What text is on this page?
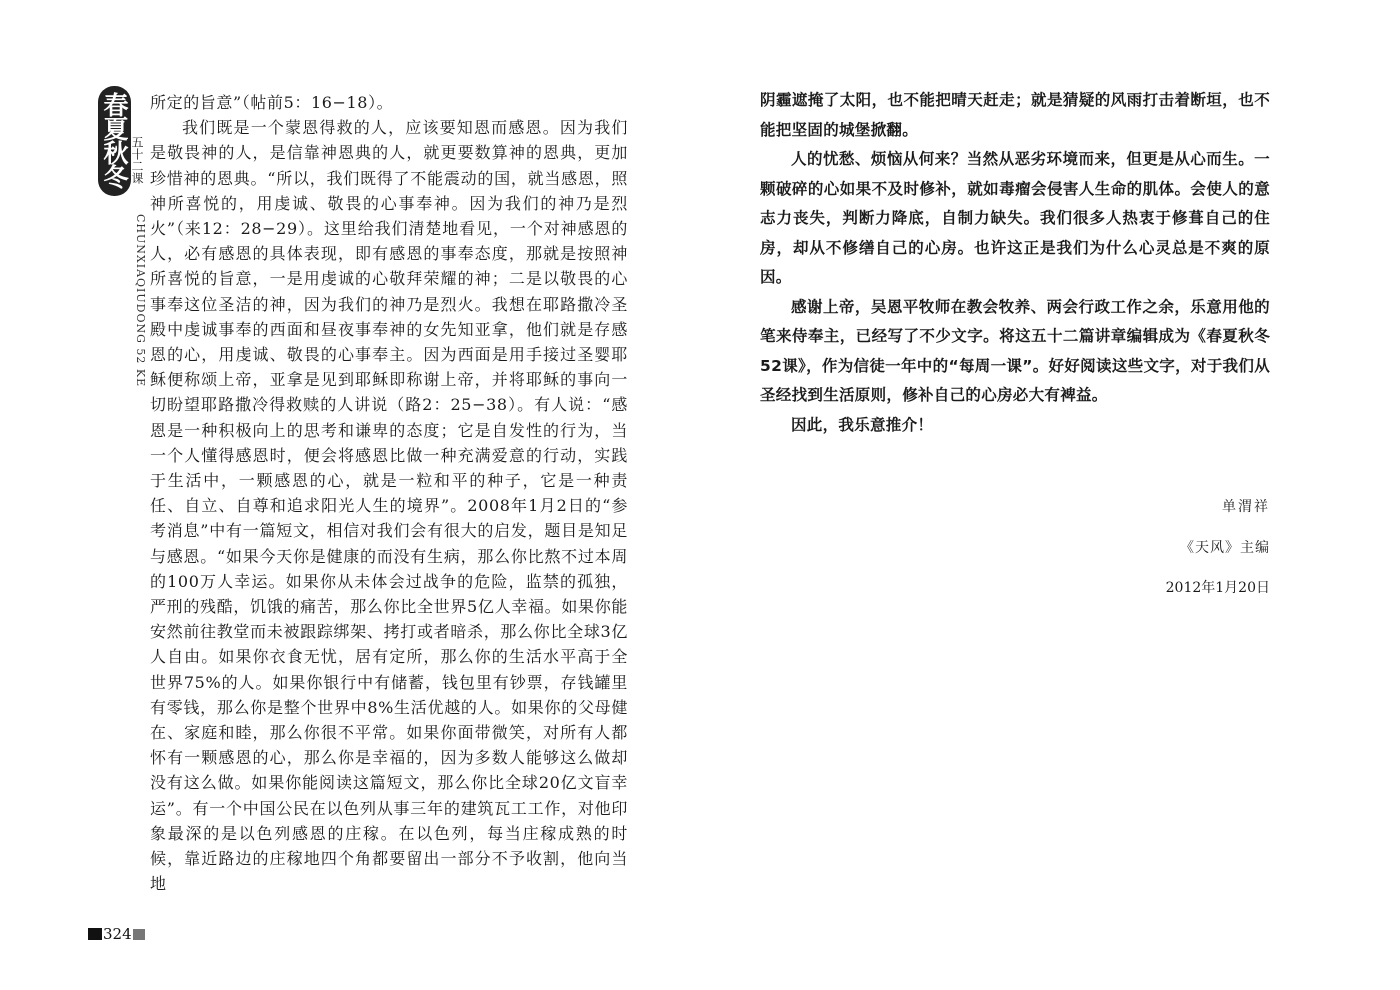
春夏秋冬 五十二课
CHUNXIAQIUDONG 52 KE

所定的旨意”（帖前5：16−18）。

我们既是一个蒙恩得救的人，应该要知恩而感恩。因为我们是敬畏神的人，是信靠神恩典的人，就更要数算神的恩典，更加珍惜神的恩典。“所以，我们既得了不能震动的国，就当感恩，照神所喜悦的，用虔诚、敬畏的心事奉神。因为我们的神乃是烈火”（来12：28−29）。这里给我们清楚地看见，一个对神感恩的人，必有感恩的具体表现，即有感恩的事奉态度，那就是按照神所喜悦的旨意，一是用虔诚的心敬拜荣耀的神；二是以敬畏的心事奉这位圣洁的神，因为我们的神乃是烈火。我想在耶路撒冷圣殿中虔诚事奉的西面和昼夜事奉神的女先知亚拿，他们就是存感恩的心，用虔诚、敬畏的心事奉主。因为西面是用手接过圣婴耶稣便称颂上帝，亚拿是见到耶稣即称谢上帝，并将耶稣的事向一切盼望耶路撒冷得救赎的人讲说（路2：25−38）。有人说：“感恩是一种积极向上的思考和谦卑的态度；它是自发性的行为，当一个人懂得感恩时，便会将感恩比做一种充满爱意的行动，实践于生活中，一颗感恩的心，就是一粒和平的种子，它是一种责任、自立、自尊和追求阳光人生的境界”。2008年1月2日的“参考消息”中有一篇短文，相信对我们会有很大的启发，题目是知足与感恩。“如果今天你是健康的而没有生病，那么你比熬不过本周的100万人幸运。如果你从未体会过战争的危险，监禁的孤独，严刑的残酷，饥饿的痛苦，那么你比全世界5亿人幸福。如果你能安然前往教堂而未被跟踪绑架、拷打或者暗杀，那么你比全球3亿人自由。如果你衣食无忧，居有定所，那么你的生活水平高于全世界75%的人。如果你银行中有储蓄，钱包里有钞票，存钱罐里有零钱，那么你是整个世界中8%生活优越的人。如果你的父母健在、家庭和睦，那么你很不平常。如果你面带微笑，对所有人都怀有一颗感恩的心，那么你是幸福的，因为多数人能够这么做却没有这么做。如果你能阅读这篇短文，那么你比全球20亿文盲幸运”。有一个中国公民在以色列从事三年的建筑瓦工工作，对他印象最深的是以色列感恩的庄稼。在以色列，每当庄稼成熟的时候，靠近路边的庄稼地四个角都要留出一部分不予收割，他向当地

324

阴霾遮掩了太阳，也不能把晴天赶走；就是猜疑的风雨打击着断垣，也不能把坚固的城堡掀翻。

人的忧愁、烦恼从何来？当然从恶劣环境而来，但更是从心而生。一颗破碎的心如果不及时修补，就如毒瘤会侵害人生命的肌体。会使人的意志力丧失，判断力降底，自制力缺失。我们很多人热衷于修葺自己的住房，却从不修缮自己的心房。也许这正是我们为什么心灵总是不爽的原因。

感谢上帝，吴恩平牧师在教会牧养、两会行政工作之余，乐意用他的笔来侍奉主，已经写了不少文字。将这五十二篇讲章编辑成为《春夏秋冬52课》，作为信徒一年中的“每周一课”。好好阅读这些文字，对于我们从圣经找到生活原则，修补自己的心房必大有裨益。

因此，我乐意推介！

单渭祥
《天风》主编
2012年1月20日
